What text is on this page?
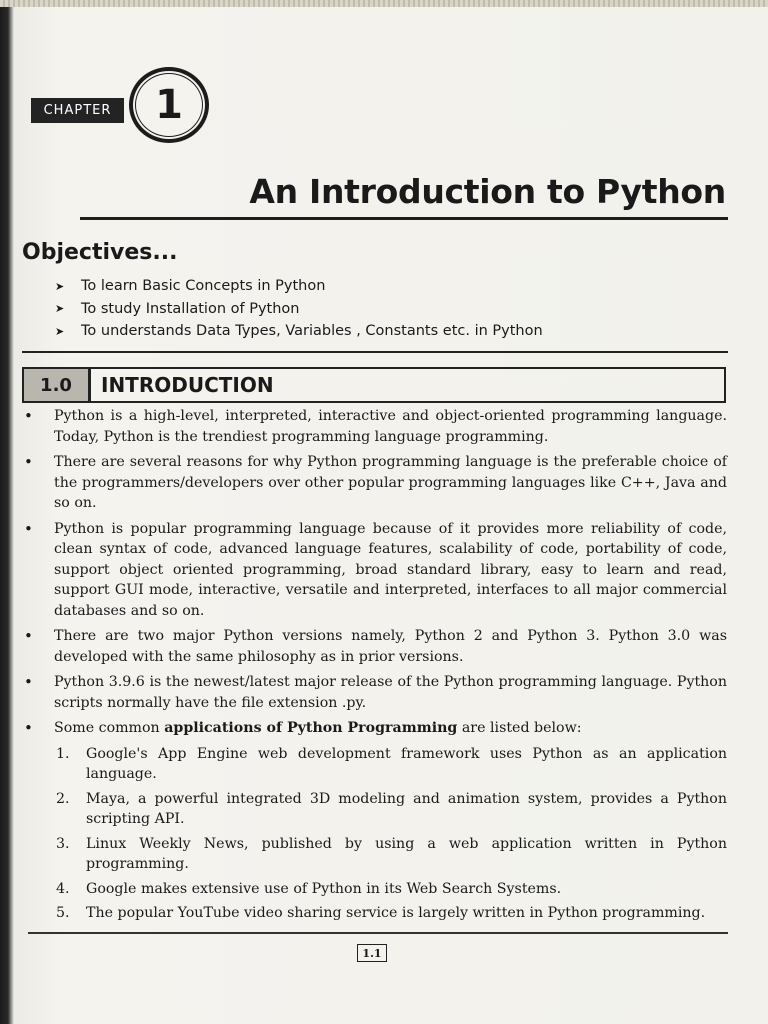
CHAPTER	1
An Introduction to Python
Objectives...
➤	To learn Basic Concepts in Python
➤	To study Installation of Python
➤	To understands Data Types, Variables , Constants etc. in Python
1.0	INTRODUCTION
• Python is a high-level, interpreted, interactive and object-oriented programming language. Today, Python is the trendiest programming language programming.
• There are several reasons for why Python programming language is the preferable choice of the programmers/developers over other popular programming languages like C++, Java and so on.
• Python is popular programming language because of it provides more reliability of code, clean syntax of code, advanced language features, scalability of code, portability of code, support object oriented programming, broad standard library, easy to learn and read, support GUI mode, interactive, versatile and interpreted, interfaces to all major commercial databases and so on.
• There are two major Python versions namely, Python 2 and Python 3. Python 3.0 was developed with the same philosophy as in prior versions.
• Python 3.9.6 is the newest/latest major release of the Python programming language. Python scripts normally have the file extension .py.
• Some common applications of Python Programming are listed below:
1. Google's App Engine web development framework uses Python as an application language.
2. Maya, a powerful integrated 3D modeling and animation system, provides a Python scripting API.
3. Linux Weekly News, published by using a web application written in Python programming.
4. Google makes extensive use of Python in its Web Search Systems.
5. The popular YouTube video sharing service is largely written in Python programming.
1.1
